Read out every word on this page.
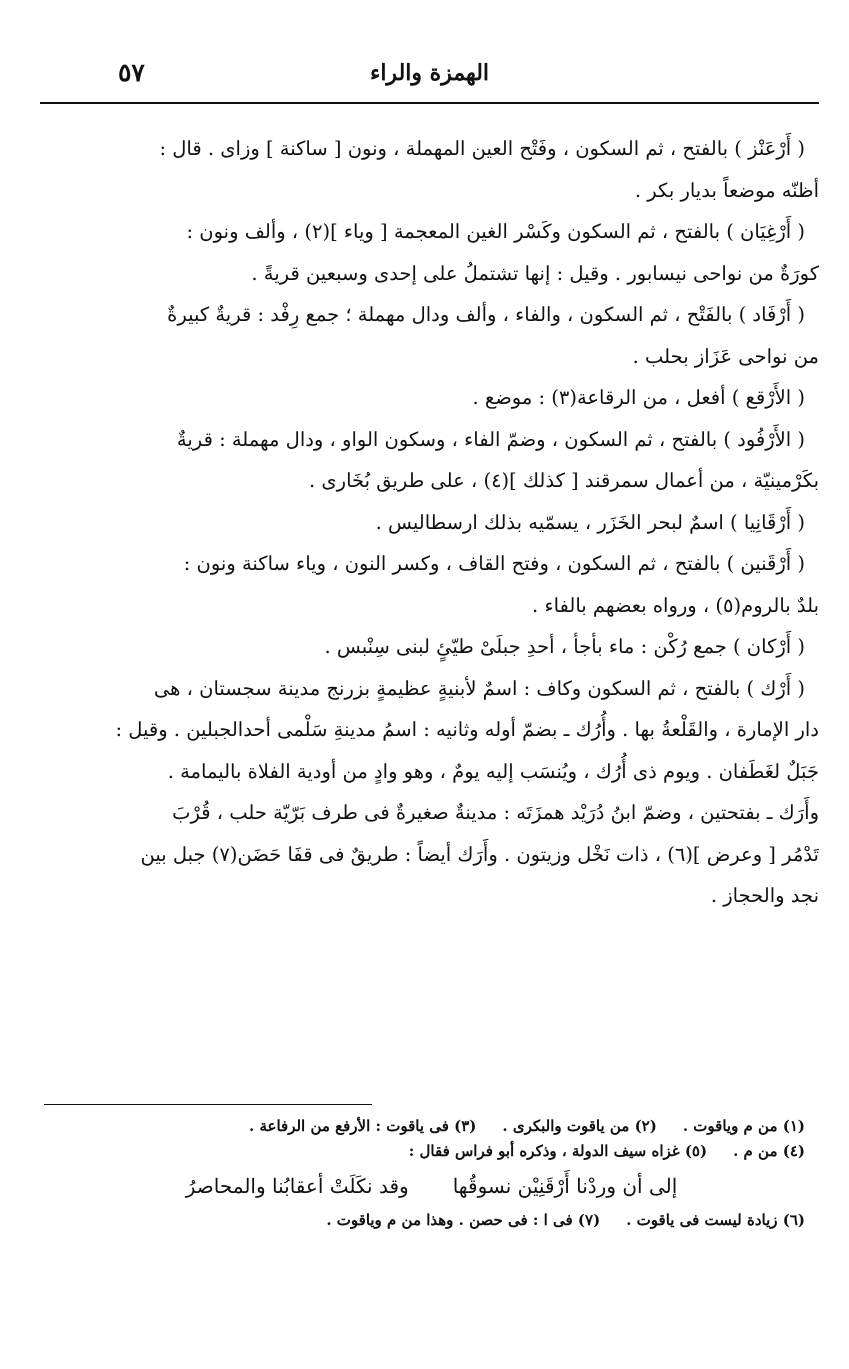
الهمزة والراء
٥٧
( أَرْعَنْز ) بالفتح ، ثم السكون ، وفَتْح العين المهملة ، ونون [ ساكنة ] وزاى . قال :
أظنّه موضعاً بديار بكر .
( أَرْغِيَان ) بالفتح ، ثم السكون وكَسْر الغين المعجمة [ وياء ](٢) ، وألف ونون :
كورَةٌ من نواحى نيسابور . وقيل : إنها تشتملُ على إحدى وسبعين قريةً .
( أَرْفَاد ) بالفَتْح ، ثم السكون ، والفاء ، وألف ودال مهملة ؛ جمع رِفْد : قريةٌ كبيرةٌ
من نواحى عَزَاز بحلب .
( الأَرْقع ) أفعل ، من الرقاعة(٣) : موضع .
( الأَرْفُود ) بالفتح ، ثم السكون ، وضمّ الفاء ، وسكون الواو ، ودال مهملة : قريةٌ
بكَرْمينيّة ، من أعمال سمرقند [ كذلك ](٤) ، على طريق بُخَارى .
( أَرْقَانِيا ) اسمٌ لبحر الخَزَر ، يسمّيه بذلك ارسطاليس .
( أَرْقَنين ) بالفتح ، ثم السكون ، وفتح القاف ، وكسر النون ، وياء ساكنة ونون :
بلدٌ بالروم(٥) ، ورواه بعضهم بالفاء .
( أَرْكان ) جمع رُكْن : ماء بأجأ ، أحدِ جبلَىْ طيّئٍ لبنى سِنْبس .
( أَرْك ) بالفتح ، ثم السكون وكاف : اسمٌ لأبنيةٍ عظيمةٍ بزرنج مدينة سجستان ، هى
دار الإمارة ، والقَلْعةُ بها . وأُرُك ـ بضمّ أوله وثانيه : اسمُ مدينةِ سَلْمى أحدالجبلين . وقيل :
جَبَلٌ لغَطَفان . ويوم ذى أُرُك ، ويُنسَب إليه يومٌ ، وهو وادٍ من أودية الفلاة باليمامة .
وأَرَك ـ بفتحتين ، وضمّ ابنُ دُرَيْد همزَتَه : مدينةٌ صغيرةٌ فى طرف بَرّيّة حلب ، قُرْبَ
تَدْمُر [ وعرض ](٦) ، ذات نَخْل وزيتون . وأَرَك أيضاً : طريقٌ فى قفَا حَضَن(٧) جبل بين
نجد والحجاز .
(١) من م وياقوت .
(٢) من ياقوت والبكرى .
(٣) فى ياقوت : الأرفع من الرفاعة .
(٤) من م .
(٥) غزاه سيف الدولة ، وذكره أبو فراس فقال :
إلى أن وردْنا أَرْقَنِيْن نسوقُها
وقد نكَلَتْ أعقابُنا والمحاصرُ
(٦) زيادة ليست فى ياقوت .
(٧) فى ا : فى حصن . وهذا من م وياقوت .
